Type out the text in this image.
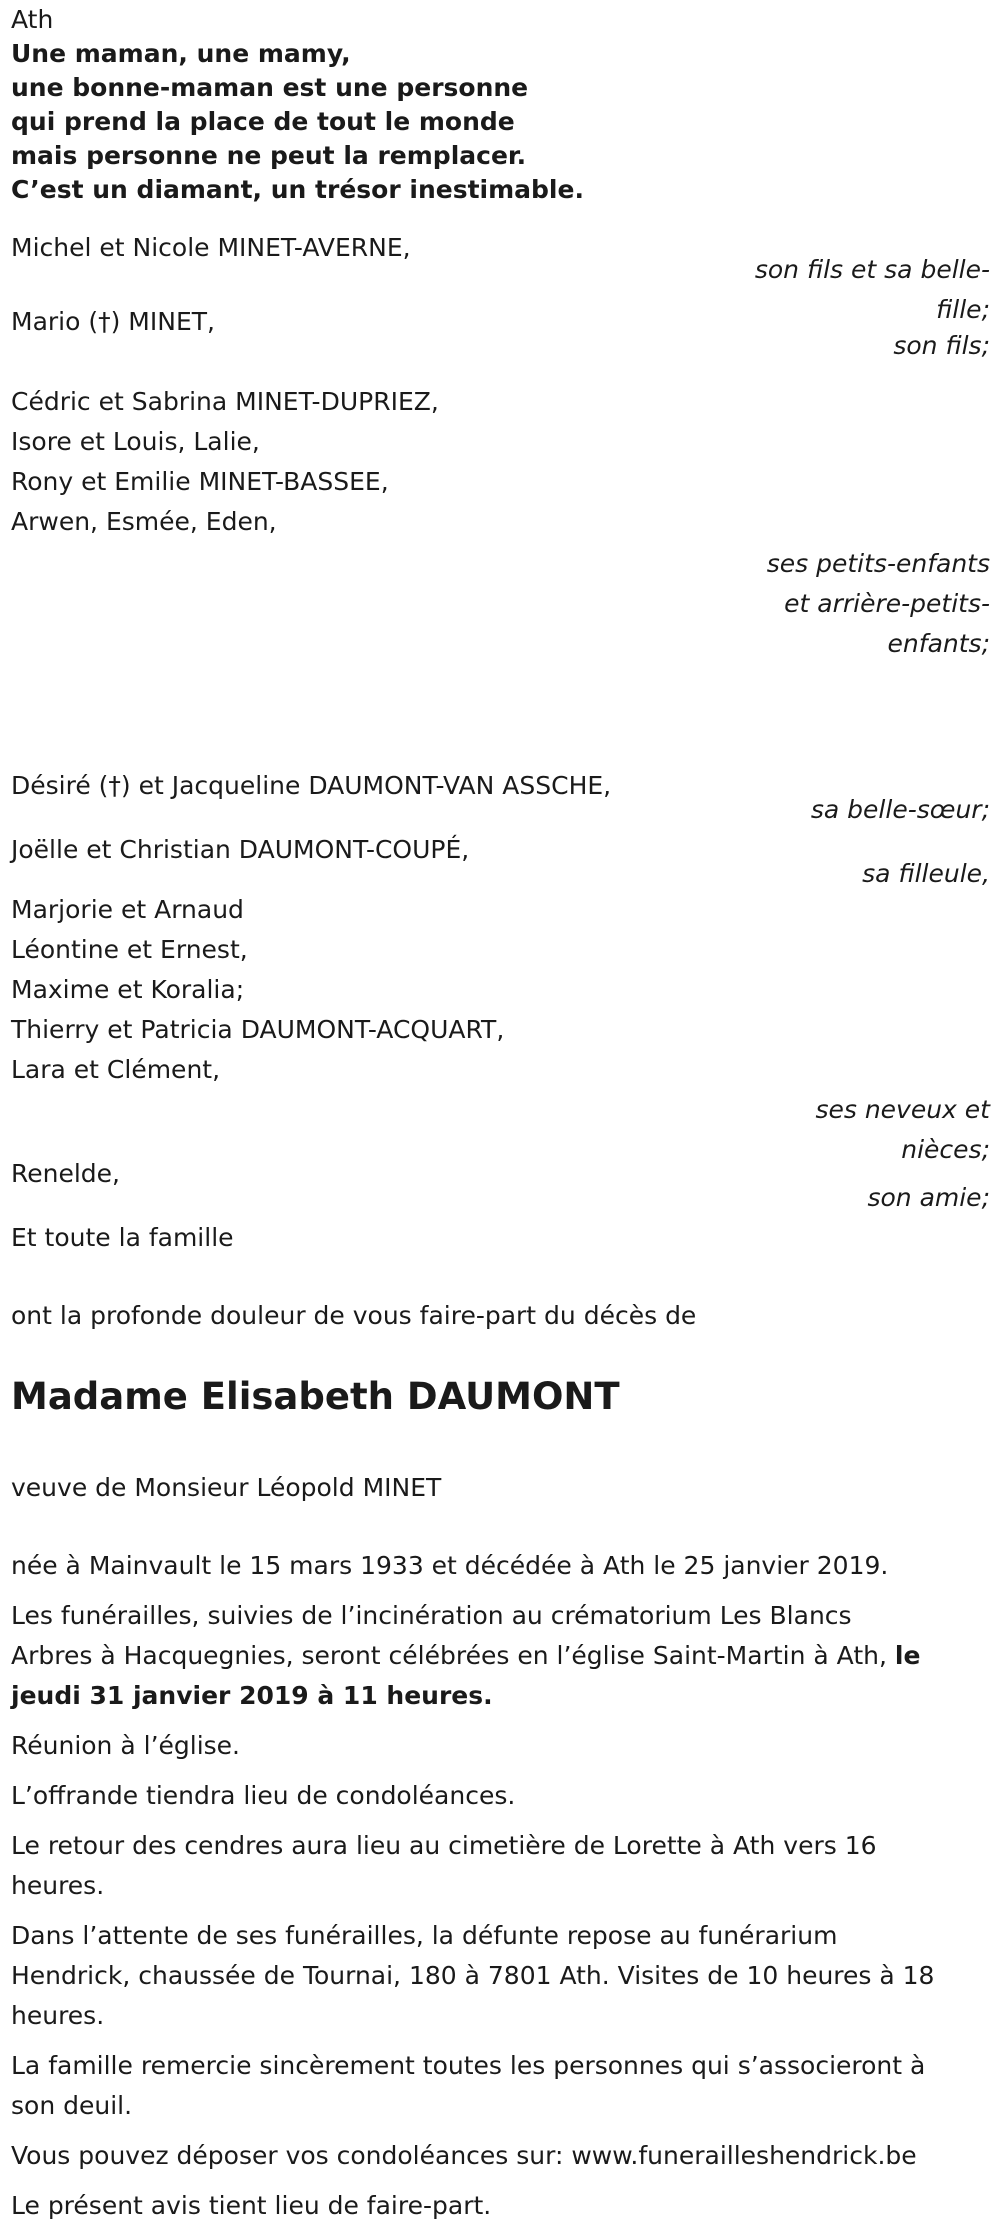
Ath
Une maman, une mamy,
une bonne-maman est une personne
qui prend la place de tout le monde
mais personne ne peut la remplacer.
C’est un diamant, un trésor inestimable.
Michel et Nicole MINET-AVERNE,
son fils et sa belle-
fille;
Mario (†) MINET,
son fils;
Cédric et Sabrina MINET-DUPRIEZ,
Isore et Louis, Lalie,
Rony et Emilie MINET-BASSEE,
Arwen, Esmée, Eden,
ses petits-enfants
et arrière-petits-
enfants;
Désiré (†) et Jacqueline DAUMONT-VAN ASSCHE,
sa belle-sœur;
Joëlle et Christian DAUMONT-COUPÉ,
sa filleule,
Marjorie et Arnaud
Léontine et Ernest,
Maxime et Koralia;
Thierry et Patricia DAUMONT-ACQUART,
Lara et Clément,
ses neveux et
nièces;
Renelde,
son amie;
Et toute la famille
ont la profonde douleur de vous faire-part du décès de
Madame Elisabeth DAUMONT
veuve de Monsieur Léopold MINET
née à Mainvault le 15 mars 1933 et décédée à Ath le 25 janvier 2019.
Les funérailles, suivies de l’incinération au crématorium Les Blancs
Arbres à Hacquegnies, seront célébrées en l’église Saint-Martin à Ath, le
jeudi 31 janvier 2019 à 11 heures.
Réunion à l’église.
L’offrande tiendra lieu de condoléances.
Le retour des cendres aura lieu au cimetière de Lorette à Ath vers 16
heures.
Dans l’attente de ses funérailles, la défunte repose au funérarium
Hendrick, chaussée de Tournai, 180 à 7801 Ath. Visites de 10 heures à 18
heures.
La famille remercie sincèrement toutes les personnes qui s’associeront à
son deuil.
Vous pouvez déposer vos condoléances sur: www.funerailleshendrick.be
Le présent avis tient lieu de faire-part.
